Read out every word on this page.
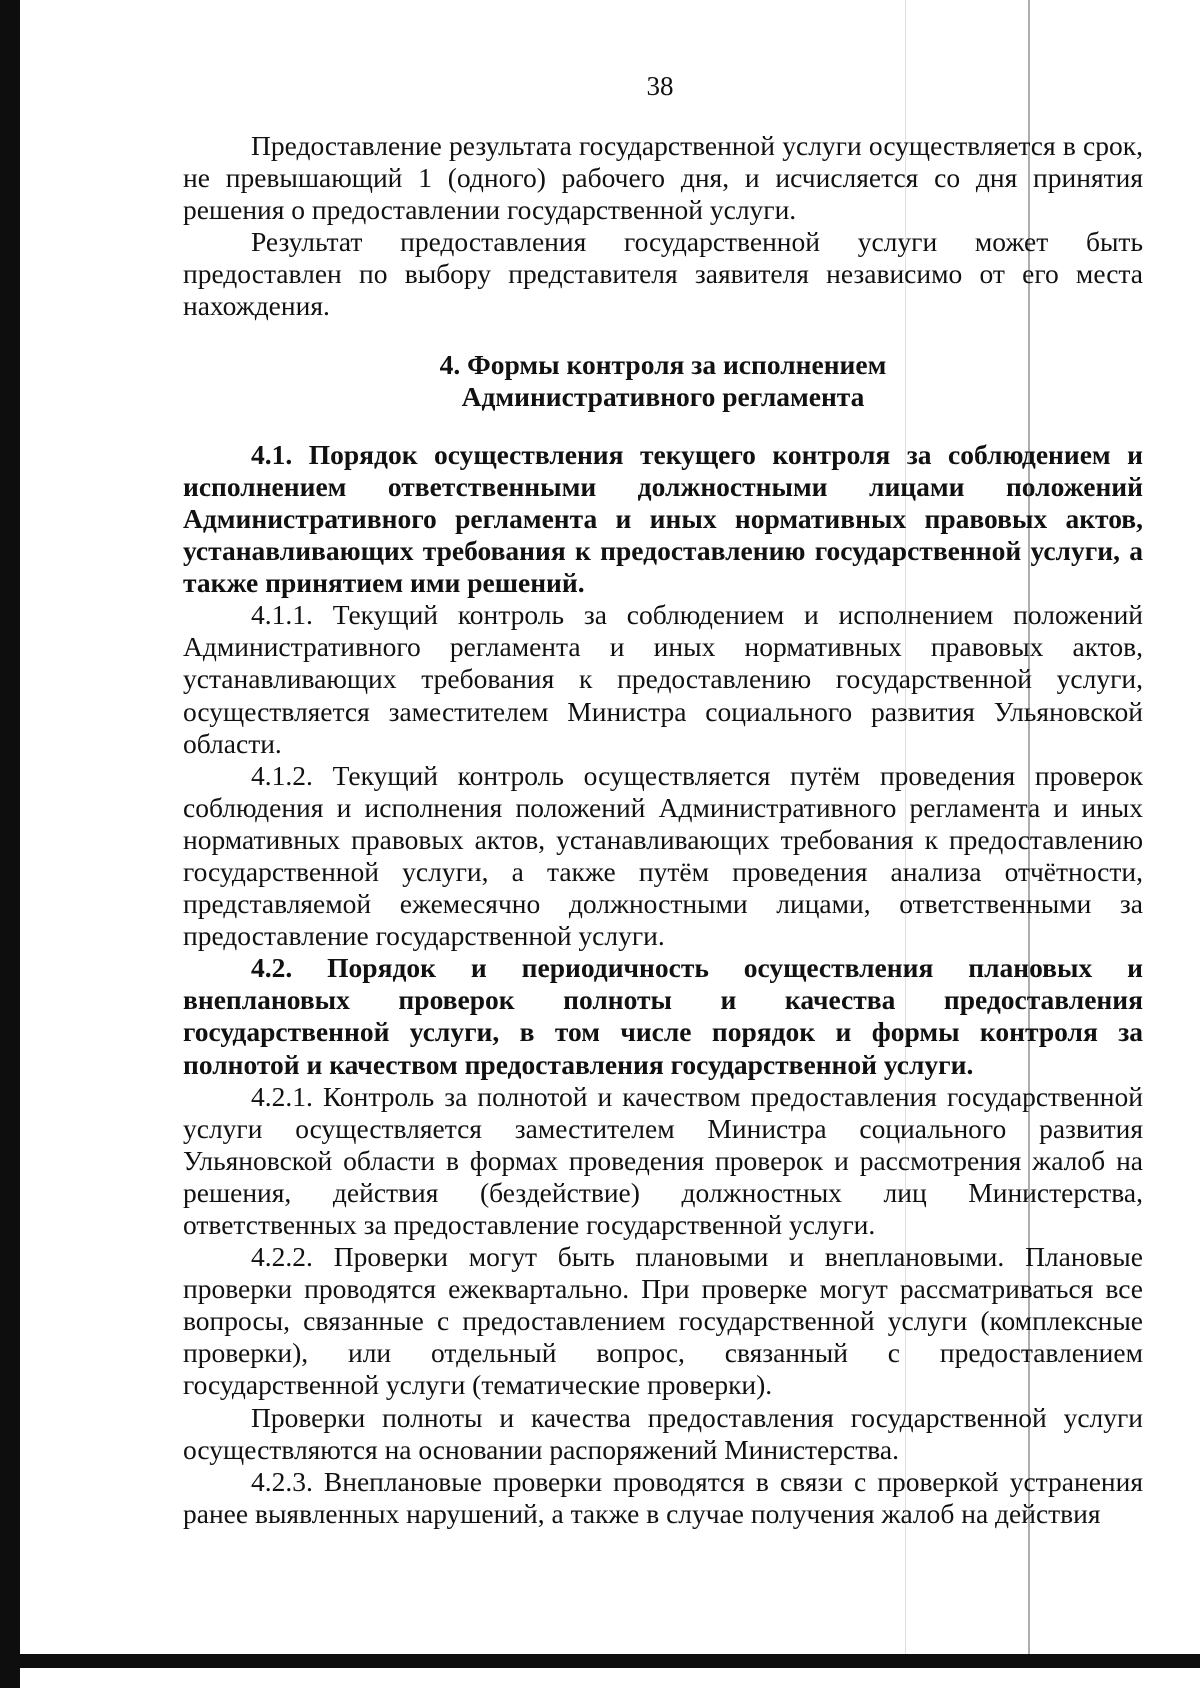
38

Предоставление результата государственной услуги осуществляется в срок, не превышающий 1 (одного) рабочего дня, и исчисляется со дня принятия решения о предоставлении государственной услуги.

Результат предоставления государственной услуги может быть предоставлен по выбору представителя заявителя независимо от его места нахождения.

4. Формы контроля за исполнением
Административного регламента

4.1. Порядок осуществления текущего контроля за соблюдением и исполнением ответственными должностными лицами положений Административного регламента и иных нормативных правовых актов, устанавливающих требования к предоставлению государственной услуги, а также принятием ими решений.

4.1.1. Текущий контроль за соблюдением и исполнением положений Административного регламента и иных нормативных правовых актов, устанавливающих требования к предоставлению государственной услуги, осуществляется заместителем Министра социального развития Ульяновской области.

4.1.2. Текущий контроль осуществляется путём проведения проверок соблюдения и исполнения положений Административного регламента и иных нормативных правовых актов, устанавливающих требования к предоставлению государственной услуги, а также путём проведения анализа отчётности, представляемой ежемесячно должностными лицами, ответственными за предоставление государственной услуги.

4.2. Порядок и периодичность осуществления плановых и внеплановых проверок полноты и качества предоставления государственной услуги, в том числе порядок и формы контроля за полнотой и качеством предоставления государственной услуги.

4.2.1. Контроль за полнотой и качеством предоставления государственной услуги осуществляется заместителем Министра социального развития Ульяновской области в формах проведения проверок и рассмотрения жалоб на решения, действия (бездействие) должностных лиц Министерства, ответственных за предоставление государственной услуги.

4.2.2. Проверки могут быть плановыми и внеплановыми. Плановые проверки проводятся ежеквартально. При проверке могут рассматриваться все вопросы, связанные с предоставлением государственной услуги (комплексные проверки), или отдельный вопрос, связанный с предоставлением государственной услуги (тематические проверки).

Проверки полноты и качества предоставления государственной услуги осуществляются на основании распоряжений Министерства.

4.2.3. Внеплановые проверки проводятся в связи с проверкой устранения ранее выявленных нарушений, а также в случае получения жалоб на действия
